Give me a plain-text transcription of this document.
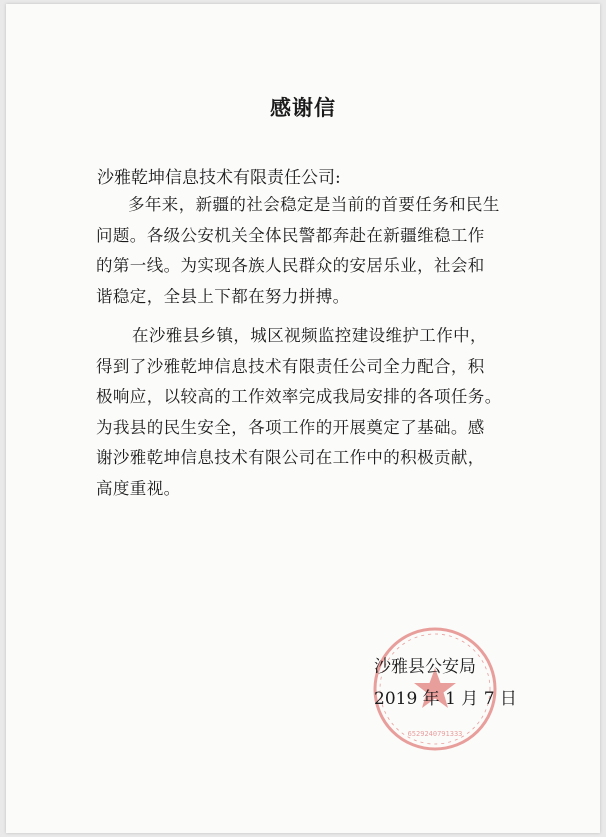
6529240791333
感谢信
沙雅乾坤信息技术有限责任公司:
多年来，新疆的社会稳定是当前的首要任务和民生
问题。各级公安机关全体民警都奔赴在新疆维稳工作
的第一线。为实现各族人民群众的安居乐业，社会和
谐稳定，全县上下都在努力拼搏。
在沙雅县乡镇，城区视频监控建设维护工作中，
得到了沙雅乾坤信息技术有限责任公司全力配合，积
极响应，以较高的工作效率完成我局安排的各项任务。
为我县的民生安全，各项工作的开展奠定了基础。感
谢沙雅乾坤信息技术有限公司在工作中的积极贡献，
高度重视。
沙雅县公安局
2019 年 1 月 7 日
